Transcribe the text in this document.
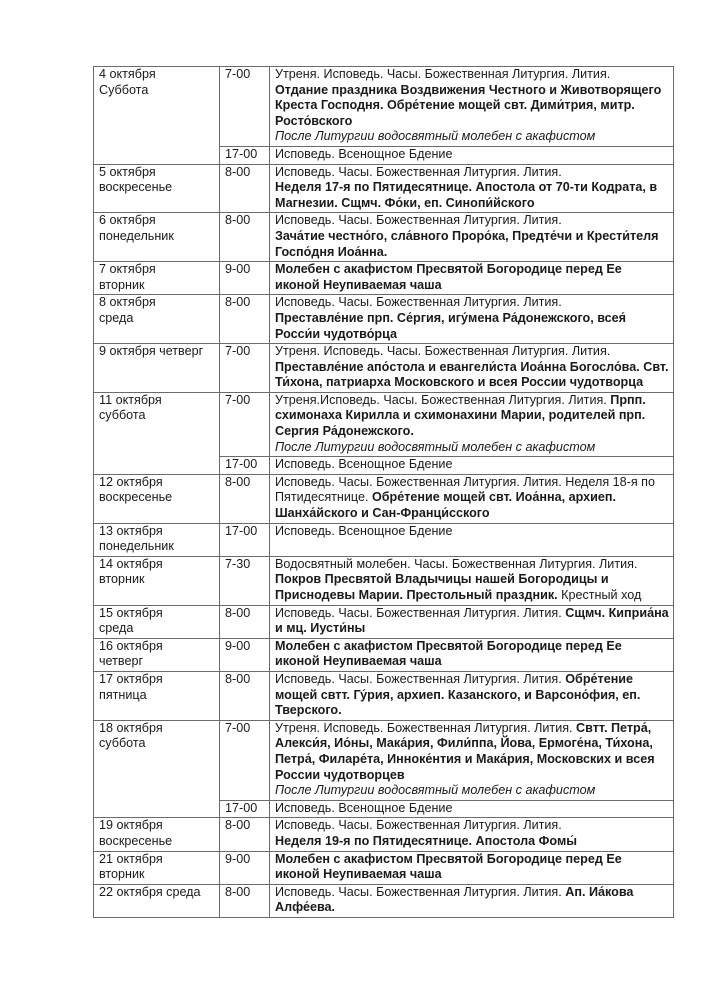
4 октября
Суббота	7-00	Утреня. Исповедь. Часы. Божественная Литургия. Лития.
Отдание праздника Воздвижения Честного и Животворящего Креста Господня. Обре́тение мощей свт. Дими́трия, митр. Росто́вского
После Литургии водосвятный молебен с акафистом
	17-00	Исповедь. Всенощное Бдение

5 октября
воскресенье	8-00	Исповедь. Часы. Божественная Литургия. Лития.
Неделя 17-я по Пятидесятнице. Апостола от 70-ти Кодрата, в Магнезии. Сщмч. Фо́ки, еп. Синопи́йского

6 октября
понедельник	8-00	Исповедь. Часы. Божественная Литургия. Лития.
Зача́тие честно́го, сла́вного Проро́ка, Предте́чи и Крести́теля Госпо́дня Иоа́нна.

7 октября
вторник	9-00	Молебен с акафистом Пресвятой Богородице перед Ее иконой Неупиваемая чаша

8 октября
среда	8-00	Исповедь. Часы. Божественная Литургия. Лития.
Преставле́ние прп. Се́ргия, игу́мена Ра́донежского, всея́ Росси́и чудотво́рца

9 октября четверг	7-00	Утреня. Исповедь. Часы. Божественная Литургия. Лития.
Преставле́ние апо́стола и евангели́ста Иоа́нна Богосло́ва. Свт. Ти́хона, патриарха Московского и всея России чудотворца

11 октября
суббота	7-00	Утреня.Исповедь. Часы. Божественная Литургия. Лития. Прпп. схимонаха Кирилла и схимонахини Марии, родителей прп. Сергия Ра́донежского.
После Литургии водосвятный молебен с акафистом
	17-00	Исповедь. Всенощное Бдение

12 октября
воскресенье	8-00	Исповедь. Часы. Божественная Литургия. Лития. Неделя 18-я по Пятидесятнице. Обре́тение мощей свт. Иоа́нна, архиеп. Шанха́йского и Сан-Франци́сского

13 октября
понедельник	17-00	Исповедь. Всенощное Бдение

14 октября
вторник	7-30	Водосвятный молебен. Часы. Божественная Литургия. Лития.
Покров Пресвятой Владычицы нашей Богородицы и Приснодевы Марии. Престольный праздник. Крестный ход

15 октября
среда	8-00	Исповедь. Часы. Божественная Литургия. Лития. Сщмч. Киприа́на и мц. Иусти́ны

16 октября
четверг	9-00	Молебен с акафистом Пресвятой Богородице перед Ее иконой Неупиваемая чаша

17 октября
пятница	8-00	Исповедь. Часы. Божественная Литургия. Лития. Обре́тение мощей свтт. Гу́рия, архиеп. Казанского, и Варсоно́фия, еп. Тверского.

18 октября
суббота	7-00	Утреня. Исповедь. Божественная Литургия. Лития. Свтт. Петра́, Алекси́я, Ио́ны, Мака́рия, Фили́ппа, Йова, Ермоге́на, Ти́хона, Петра́, Филаре́та, Инноке́нтия и Мака́рия, Московских и всея России чудотворцев
После Литургии водосвятный молебен с акафистом
	17-00	Исповедь. Всенощное Бдение

19 октября
воскресенье	8-00	Исповедь. Часы. Божественная Литургия. Лития.
Неделя 19-я по Пятидесятнице. Апостола Фомы́

21 октября
вторник	9-00	Молебен с акафистом Пресвятой Богородице перед Ее иконой Неупиваемая чаша

22 октября среда	8-00	Исповедь. Часы. Божественная Литургия. Лития. Ап. Иа́кова Алфе́ева.
